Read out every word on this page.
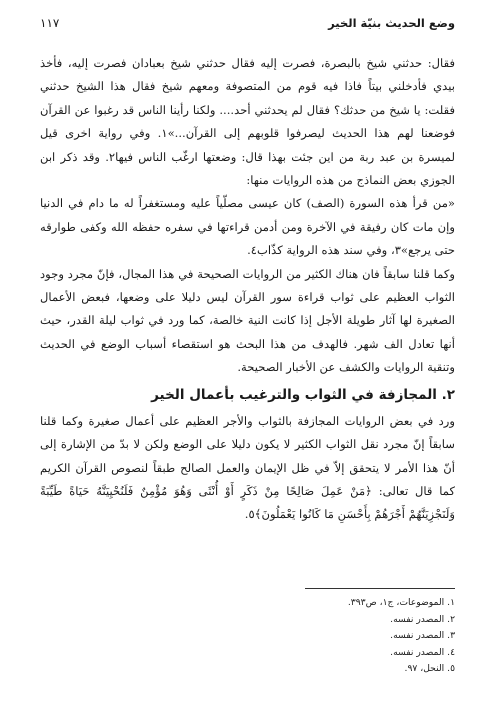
وضع الحديث بنيّة الخير
١١٧

فقال: حدثني شيخ بالبصرة، فصرت إليه فقال حدثني شيخ بعبادان فصرت إليه، فأخذ بيدي فأدخلني بيتاً فاذا فيه قوم من المتصوفة ومعهم شيخ فقال هذا الشيخ حدثني فقلت: يا شيخ من حدثك؟ فقال لم يحدثني أحد.... ولكنا رأينا الناس قد رغبوا عن القرآن فوضعنا لهم هذا الحديث ليصرفوا قلوبهم إلى القرآن...»١. وفي رواية اخرى قيل لميسرة بن عبد ربة من اين جئت بهذا قال: وضعتها ارغّب الناس فيها٢. وقد ذكر ابن الجوزي بعض النماذج من هذه الروايات منها:

«من قرأ هذه السورة (الصف) كان عيسى مصلّياً عليه ومستغفراً له ما دام في الدنيا وإن مات كان رفيقة في الآخرة ومن أدمن قراءتها في سفره حفظه الله وكفى طوارقه حتى يرجع»٣، وفي سند هذه الرواية كذّاب٤.

وكما قلنا سابقاً فان هناك الكثير من الروايات الصحيحة في هذا المجال، فإنّ مجرد وجود الثواب العظيم على ثواب قراءة سور القرآن ليس دليلا على وضعها، فبعض الأعمال الصغيرة لها آثار طويلة الأجل إذا كانت النية خالصة، كما ورد في ثواب ليلة القدر، حيث أنها تعادل الف شهر. فالهدف من هذا البحث هو استقصاء أسباب الوضع في الحديث وتنقية الروايات والكشف عن الأخبار الصحيحة.

٢. المجازفة في الثواب والترغيب بأعمال الخير

ورد في بعض الروايات المجازفة بالثواب والأجر العظيم على أعمال صغيرة وكما قلنا سابقاً إنّ مجرد نقل الثواب الكثير لا يكون دليلا على الوضع ولكن لا بدّ من الإشارة إلى أنّ هذا الأمر لا يتحقق إلاّ في ظل الإيمان والعمل الصالح طبقاً لنصوص القرآن الكريم كما قال تعالى: ﴿مَنْ عَمِلَ صَالِحًا مِنْ ذَكَرٍ أَوْ أُنْثَى وَهُوَ مُؤْمِنٌ فَلَنُحْيِيَنَّهُ حَيَاةً طَيِّبَةً وَلَنَجْزِيَنَّهُمْ أَجْرَهُمْ بِأَحْسَنِ مَا كَانُوا يَعْمَلُونَ﴾٥.

١. الموضوعات، ج١، ص٣٩٣.

٢. المصدر نفسه.

٣. المصدر نفسه.

٤. المصدر نفسه.

٥. النحل، ٩٧.
